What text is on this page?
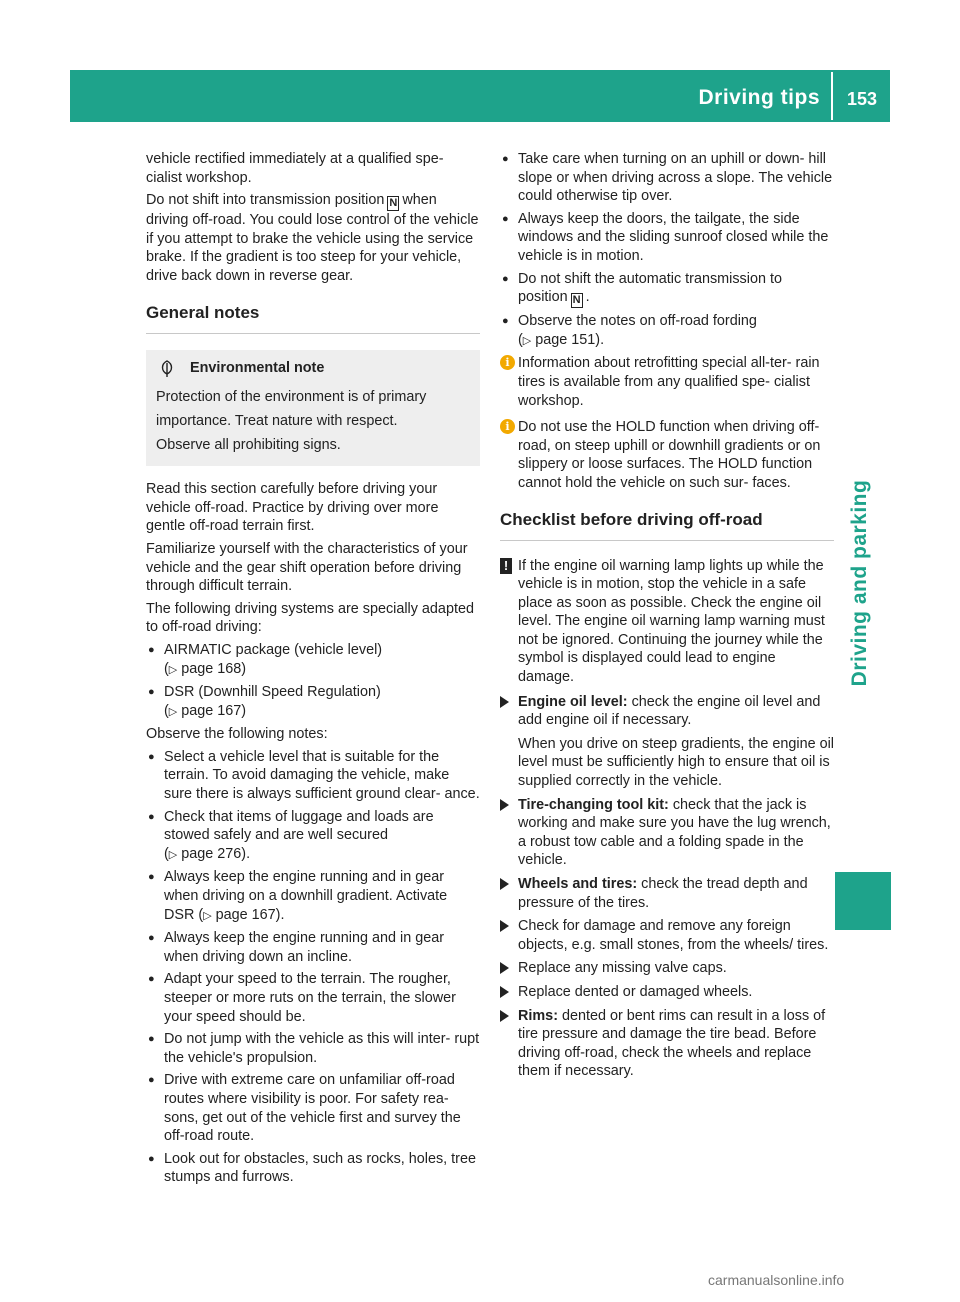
Driving tips	153
Driving and parking

vehicle rectified immediately at a qualified spe- cialist workshop.

Do not shift into transmission position N when driving off-road. You could lose control of the vehicle if you attempt to brake the vehicle using the service brake. If the gradient is too steep for your vehicle, drive back down in reverse gear.

General notes
Environmental note

Protection of the environment is of primary

importance. Treat nature with respect.

Observe all prohibiting signs.

Read this section carefully before driving your vehicle off-road. Practice by driving over more gentle off-road terrain first.

Familiarize yourself with the characteristics of your vehicle and the gear shift operation before driving through difficult terrain.

The following driving systems are specially adapted to off-road driving:

● AIRMATIC package (vehicle level)
(▷ page 168)
● DSR (Downhill Speed Regulation)
(▷ page 167)

Observe the following notes:

● Select a vehicle level that is suitable for the terrain. To avoid damaging the vehicle, make sure there is always sufficient ground clear- ance.
● Check that items of luggage and loads are stowed safely and are well secured
(▷ page 276).
● Always keep the engine running and in gear when driving on a downhill gradient. Activate DSR (▷ page 167).
● Always keep the engine running and in gear when driving down an incline.
● Adapt your speed to the terrain. The rougher, steeper or more ruts on the terrain, the slower your speed should be.
● Do not jump with the vehicle as this will inter- rupt the vehicle's propulsion.
● Drive with extreme care on unfamiliar off-road routes where visibility is poor. For safety rea- sons, get out of the vehicle first and survey the off-road route.
● Look out for obstacles, such as rocks, holes, tree stumps and furrows.
● Take care when turning on an uphill or down- hill slope or when driving across a slope. The vehicle could otherwise tip over.
● Always keep the doors, the tailgate, the side windows and the sliding sunroof closed while the vehicle is in motion.
● Do not shift the automatic transmission to position N .
● Observe the notes on off-road fording
(▷ page 151).
i Information about retrofitting special all-ter- rain tires is available from any qualified spe- cialist workshop.
i Do not use the HOLD function when driving off-road, on steep uphill or downhill gradients or on slippery or loose surfaces. The HOLD function cannot hold the vehicle on such sur- faces.
Checklist before driving off-road
! If the engine oil warning lamp lights up while the vehicle is in motion, stop the vehicle in a safe place as soon as possible. Check the engine oil level. The engine oil warning lamp warning must not be ignored. Continuing the journey while the symbol is displayed could lead to engine damage.
Engine oil level: check the engine oil level and add engine oil if necessary.
When you drive on steep gradients, the engine oil level must be sufficiently high to ensure that oil is supplied correctly in the vehicle.
Tire-changing tool kit: check that the jack is working and make sure you have the lug wrench, a robust tow cable and a folding spade in the vehicle.
Wheels and tires: check the tread depth and pressure of the tires.
Check for damage and remove any foreign objects, e.g. small stones, from the wheels/ tires.
Replace any missing valve caps.
Replace dented or damaged wheels.
Rims: dented or bent rims can result in a loss of tire pressure and damage the tire bead. Before driving off-road, check the wheels and replace them if necessary.
carmanualsonline.info
